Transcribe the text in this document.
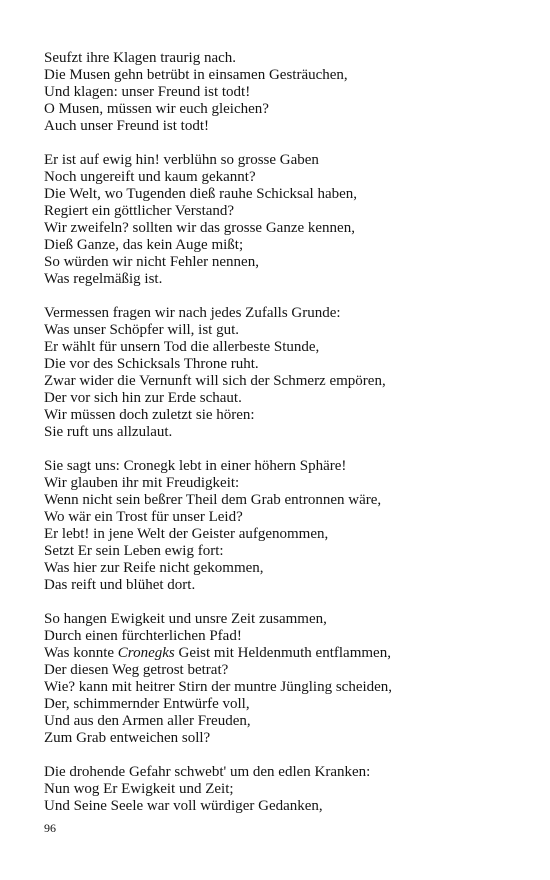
Seufzt ihre Klagen traurig nach.
Die Musen gehn betrübt in einsamen Gesträuchen,
Und klagen: unser Freund ist todt!
O Musen, müssen wir euch gleichen?
Auch unser Freund ist todt!
Er ist auf ewig hin! verblühn so grosse Gaben
Noch ungereift und kaum gekannt?
Die Welt, wo Tugenden dieß rauhe Schicksal haben,
Regiert ein göttlicher Verstand?
Wir zweifeln? sollten wir das grosse Ganze kennen,
Dieß Ganze, das kein Auge mißt;
So würden wir nicht Fehler nennen,
Was regelmäßig ist.
Vermessen fragen wir nach jedes Zufalls Grunde:
Was unser Schöpfer will, ist gut.
Er wählt für unsern Tod die allerbeste Stunde,
Die vor des Schicksals Throne ruht.
Zwar wider die Vernunft will sich der Schmerz empören,
Der vor sich hin zur Erde schaut.
Wir müssen doch zuletzt sie hören:
Sie ruft uns allzulaut.
Sie sagt uns: Cronegk lebt in einer höhern Sphäre!
Wir glauben ihr mit Freudigkeit:
Wenn nicht sein beßrer Theil dem Grab entronnen wäre,
Wo wär ein Trost für unser Leid?
Er lebt! in jene Welt der Geister aufgenommen,
Setzt Er sein Leben ewig fort:
Was hier zur Reife nicht gekommen,
Das reift und blühet dort.
So hangen Ewigkeit und unsre Zeit zusammen,
Durch einen fürchterlichen Pfad!
Was konnte Cronegks Geist mit Heldenmuth entflammen,
Der diesen Weg getrost betrat?
Wie? kann mit heitrer Stirn der muntre Jüngling scheiden,
Der, schimmernder Entwürfe voll,
Und aus den Armen aller Freuden,
Zum Grab entweichen soll?
Die drohende Gefahr schwebt' um den edlen Kranken:
Nun wog Er Ewigkeit und Zeit;
Und Seine Seele war voll würdiger Gedanken,
96
